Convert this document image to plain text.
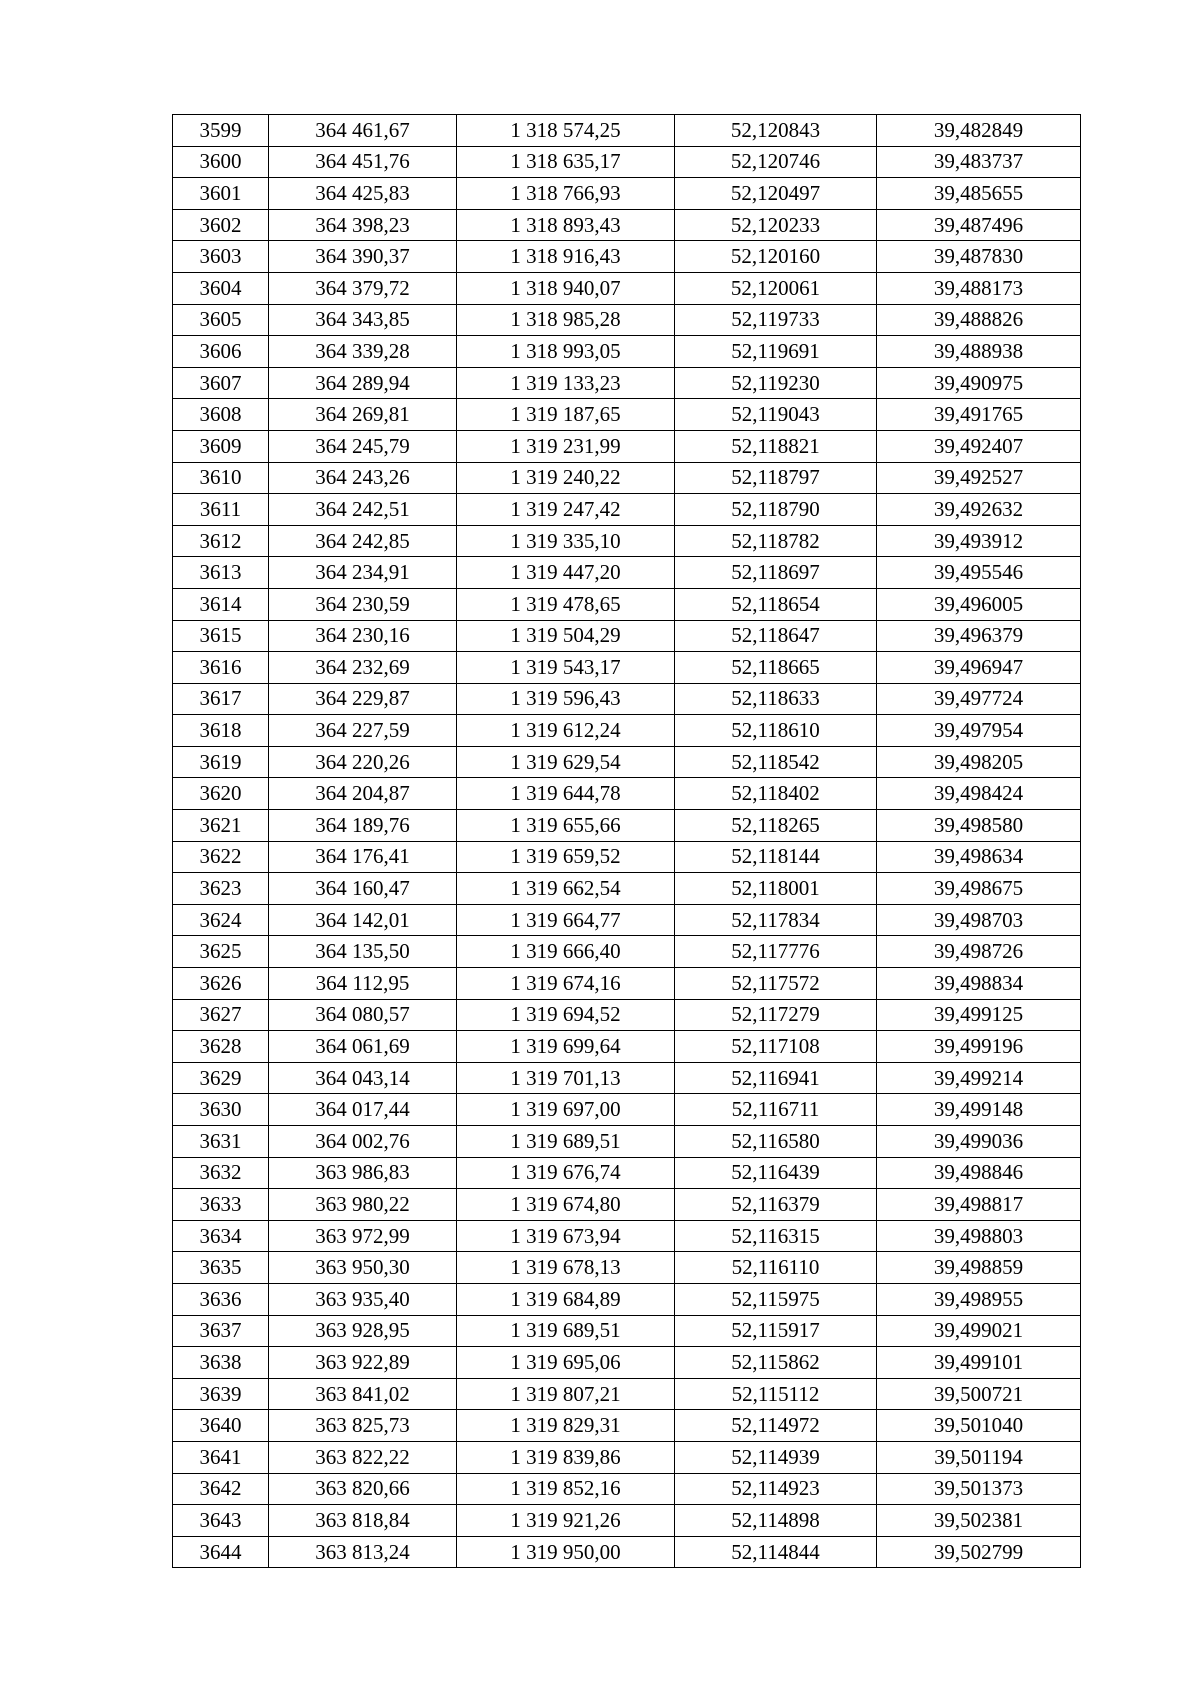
3599	364 461,67	1 318 574,25	52,120843	39,482849
3600	364 451,76	1 318 635,17	52,120746	39,483737
3601	364 425,83	1 318 766,93	52,120497	39,485655
3602	364 398,23	1 318 893,43	52,120233	39,487496
3603	364 390,37	1 318 916,43	52,120160	39,487830
3604	364 379,72	1 318 940,07	52,120061	39,488173
3605	364 343,85	1 318 985,28	52,119733	39,488826
3606	364 339,28	1 318 993,05	52,119691	39,488938
3607	364 289,94	1 319 133,23	52,119230	39,490975
3608	364 269,81	1 319 187,65	52,119043	39,491765
3609	364 245,79	1 319 231,99	52,118821	39,492407
3610	364 243,26	1 319 240,22	52,118797	39,492527
3611	364 242,51	1 319 247,42	52,118790	39,492632
3612	364 242,85	1 319 335,10	52,118782	39,493912
3613	364 234,91	1 319 447,20	52,118697	39,495546
3614	364 230,59	1 319 478,65	52,118654	39,496005
3615	364 230,16	1 319 504,29	52,118647	39,496379
3616	364 232,69	1 319 543,17	52,118665	39,496947
3617	364 229,87	1 319 596,43	52,118633	39,497724
3618	364 227,59	1 319 612,24	52,118610	39,497954
3619	364 220,26	1 319 629,54	52,118542	39,498205
3620	364 204,87	1 319 644,78	52,118402	39,498424
3621	364 189,76	1 319 655,66	52,118265	39,498580
3622	364 176,41	1 319 659,52	52,118144	39,498634
3623	364 160,47	1 319 662,54	52,118001	39,498675
3624	364 142,01	1 319 664,77	52,117834	39,498703
3625	364 135,50	1 319 666,40	52,117776	39,498726
3626	364 112,95	1 319 674,16	52,117572	39,498834
3627	364 080,57	1 319 694,52	52,117279	39,499125
3628	364 061,69	1 319 699,64	52,117108	39,499196
3629	364 043,14	1 319 701,13	52,116941	39,499214
3630	364 017,44	1 319 697,00	52,116711	39,499148
3631	364 002,76	1 319 689,51	52,116580	39,499036
3632	363 986,83	1 319 676,74	52,116439	39,498846
3633	363 980,22	1 319 674,80	52,116379	39,498817
3634	363 972,99	1 319 673,94	52,116315	39,498803
3635	363 950,30	1 319 678,13	52,116110	39,498859
3636	363 935,40	1 319 684,89	52,115975	39,498955
3637	363 928,95	1 319 689,51	52,115917	39,499021
3638	363 922,89	1 319 695,06	52,115862	39,499101
3639	363 841,02	1 319 807,21	52,115112	39,500721
3640	363 825,73	1 319 829,31	52,114972	39,501040
3641	363 822,22	1 319 839,86	52,114939	39,501194
3642	363 820,66	1 319 852,16	52,114923	39,501373
3643	363 818,84	1 319 921,26	52,114898	39,502381
3644	363 813,24	1 319 950,00	52,114844	39,502799
